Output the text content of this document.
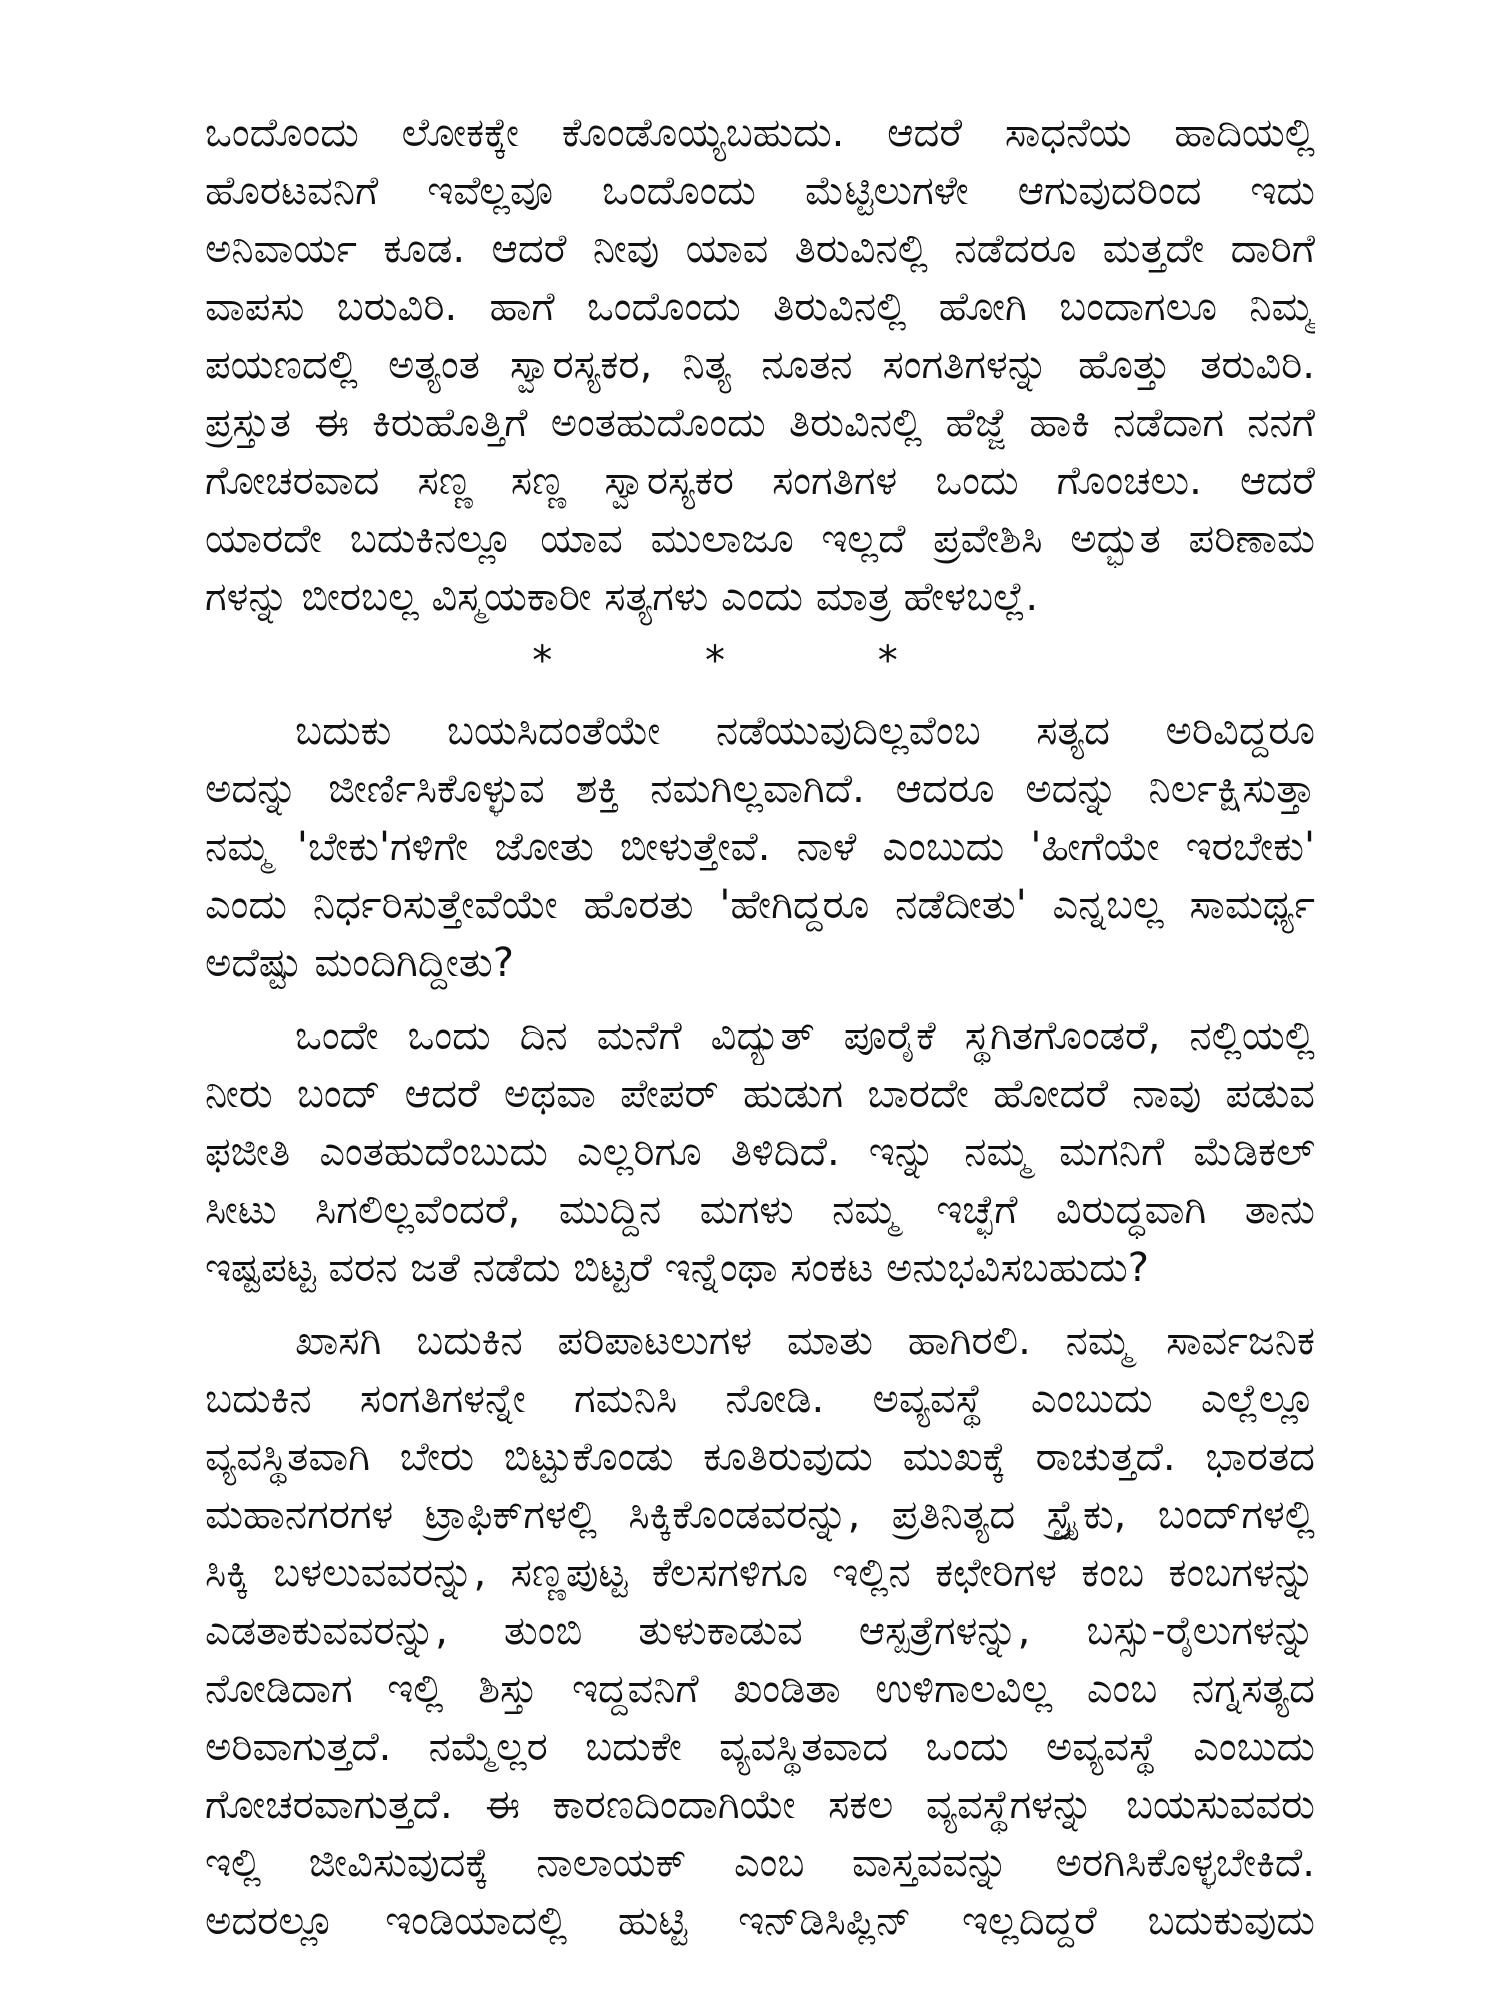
ಒಂದೊಂದು ಲೋಕಕ್ಕೇ ಕೊಂಡೊಯ್ಯಬಹುದು. ಆದರೆ ಸಾಧನೆಯ ಹಾದಿಯಲ್ಲಿ
ಹೊರಟವನಿಗೆ ಇವೆಲ್ಲವೂ ಒಂದೊಂದು ಮೆಟ್ಟಿಲುಗಳೇ ಆಗುವುದರಿಂದ ಇದು
ಅನಿವಾರ್ಯ ಕೂಡ. ಆದರೆ ನೀವು ಯಾವ ತಿರುವಿನಲ್ಲಿ ನಡೆದರೂ ಮತ್ತದೇ ದಾರಿಗೆ
ವಾಪಸು ಬರುವಿರಿ. ಹಾಗೆ ಒಂದೊಂದು ತಿರುವಿನಲ್ಲಿ ಹೋಗಿ ಬಂದಾಗಲೂ ನಿಮ್ಮ
ಪಯಣದಲ್ಲಿ ಅತ್ಯಂತ ಸ್ವಾರಸ್ಯಕರ, ನಿತ್ಯ ನೂತನ ಸಂಗತಿಗಳನ್ನು ಹೊತ್ತು ತರುವಿರಿ.
ಪ್ರಸ್ತುತ ಈ ಕಿರುಹೊತ್ತಿಗೆ ಅಂತಹುದೊಂದು ತಿರುವಿನಲ್ಲಿ ಹೆಜ್ಜೆ ಹಾಕಿ ನಡೆದಾಗ ನನಗೆ
ಗೋಚರವಾದ ಸಣ್ಣ ಸಣ್ಣ ಸ್ವಾರಸ್ಯಕರ ಸಂಗತಿಗಳ ಒಂದು ಗೊಂಚಲು. ಆದರೆ
ಯಾರದೇ ಬದುಕಿನಲ್ಲೂ ಯಾವ ಮುಲಾಜೂ ಇಲ್ಲದೆ ಪ್ರವೇಶಿಸಿ ಅದ್ಭುತ ಪರಿಣಾಮ
ಗಳನ್ನು ಬೀರಬಲ್ಲ ವಿಸ್ಮಯಕಾರೀ ಸತ್ಯಗಳು ಎಂದು ಮಾತ್ರ ಹೇಳಬಲ್ಲೆ.
* * *
ಬದುಕು ಬಯಸಿದಂತೆಯೇ ನಡೆಯುವುದಿಲ್ಲವೆಂಬ ಸತ್ಯದ ಅರಿವಿದ್ದರೂ
ಅದನ್ನು ಜೀರ್ಣಿಸಿಕೊಳ್ಳುವ ಶಕ್ತಿ ನಮಗಿಲ್ಲವಾಗಿದೆ. ಆದರೂ ಅದನ್ನು ನಿರ್ಲಕ್ಷಿಸುತ್ತಾ
ನಮ್ಮ 'ಬೇಕು'ಗಳಿಗೇ ಜೋತು ಬೀಳುತ್ತೇವೆ. ನಾಳೆ ಎಂಬುದು 'ಹೀಗೆಯೇ ಇರಬೇಕು'
ಎಂದು ನಿರ್ಧರಿಸುತ್ತೇವೆಯೇ ಹೊರತು 'ಹೇಗಿದ್ದರೂ ನಡೆದೀತು' ಎನ್ನಬಲ್ಲ ಸಾಮರ್ಥ್ಯ
ಅದೆಷ್ಟು ಮಂದಿಗಿದ್ದೀತು?
ಒಂದೇ ಒಂದು ದಿನ ಮನೆಗೆ ವಿದ್ಯುತ್ ಪೂರೈಕೆ ಸ್ಥಗಿತಗೊಂಡರೆ, ನಲ್ಲಿಯಲ್ಲಿ
ನೀರು ಬಂದ್ ಆದರೆ ಅಥವಾ ಪೇಪರ್ ಹುಡುಗ ಬಾರದೇ ಹೋದರೆ ನಾವು ಪಡುವ
ಫಜೀತಿ ಎಂತಹುದೆಂಬುದು ಎಲ್ಲರಿಗೂ ತಿಳಿದಿದೆ. ಇನ್ನು ನಮ್ಮ ಮಗನಿಗೆ ಮೆಡಿಕಲ್
ಸೀಟು ಸಿಗಲಿಲ್ಲವೆಂದರೆ, ಮುದ್ದಿನ ಮಗಳು ನಮ್ಮ ಇಚ್ಛೆಗೆ ವಿರುದ್ಧವಾಗಿ ತಾನು
ಇಷ್ಟಪಟ್ಟ ವರನ ಜತೆ ನಡೆದು ಬಿಟ್ಟರೆ ಇನ್ನೆಂಥಾ ಸಂಕಟ ಅನುಭವಿಸಬಹುದು?
ಖಾಸಗಿ ಬದುಕಿನ ಪರಿಪಾಟಲುಗಳ ಮಾತು ಹಾಗಿರಲಿ. ನಮ್ಮ ಸಾರ್ವಜನಿಕ
ಬದುಕಿನ ಸಂಗತಿಗಳನ್ನೇ ಗಮನಿಸಿ ನೋಡಿ. ಅವ್ಯವಸ್ಥೆ ಎಂಬುದು ಎಲ್ಲೆಲ್ಲೂ
ವ್ಯವಸ್ಥಿತವಾಗಿ ಬೇರು ಬಿಟ್ಟುಕೊಂಡು ಕೂತಿರುವುದು ಮುಖಕ್ಕೆ ರಾಚುತ್ತದೆ. ಭಾರತದ
ಮಹಾನಗರಗಳ ಟ್ರಾಫಿಕ್‌ಗಳಲ್ಲಿ ಸಿಕ್ಕಿಕೊಂಡವರನ್ನು, ಪ್ರತಿನಿತ್ಯದ ಸ್ಟ್ರೈಕು, ಬಂದ್‌ಗಳಲ್ಲಿ
ಸಿಕ್ಕಿ ಬಳಲುವವರನ್ನು, ಸಣ್ಣಪುಟ್ಟ ಕೆಲಸಗಳಿಗೂ ಇಲ್ಲಿನ ಕಛೇರಿಗಳ ಕಂಬ ಕಂಬಗಳನ್ನು
ಎಡತಾಕುವವರನ್ನು, ತುಂಬಿ ತುಳುಕಾಡುವ ಆಸ್ಪತ್ರೆಗಳನ್ನು, ಬಸ್ಸು-ರೈಲುಗಳನ್ನು
ನೋಡಿದಾಗ ಇಲ್ಲಿ ಶಿಸ್ತು ಇದ್ದವನಿಗೆ ಖಂಡಿತಾ ಉಳಿಗಾಲವಿಲ್ಲ ಎಂಬ ನಗ್ನಸತ್ಯದ
ಅರಿವಾಗುತ್ತದೆ. ನಮ್ಮೆಲ್ಲರ ಬದುಕೇ ವ್ಯವಸ್ಥಿತವಾದ ಒಂದು ಅವ್ಯವಸ್ಥೆ ಎಂಬುದು
ಗೋಚರವಾಗುತ್ತದೆ. ಈ ಕಾರಣದಿಂದಾಗಿಯೇ ಸಕಲ ವ್ಯವಸ್ಥೆಗಳನ್ನು ಬಯಸುವವರು
ಇಲ್ಲಿ ಜೀವಿಸುವುದಕ್ಕೆ ನಾಲಾಯಕ್ ಎಂಬ ವಾಸ್ತವವನ್ನು ಅರಗಿಸಿಕೊಳ್ಳಬೇಕಿದೆ.
ಅದರಲ್ಲೂ ಇಂಡಿಯಾದಲ್ಲಿ ಹುಟ್ಟಿ ಇನ್‌ಡಿಸಿಪ್ಲಿನ್ ಇಲ್ಲದಿದ್ದರೆ ಬದುಕುವುದು
